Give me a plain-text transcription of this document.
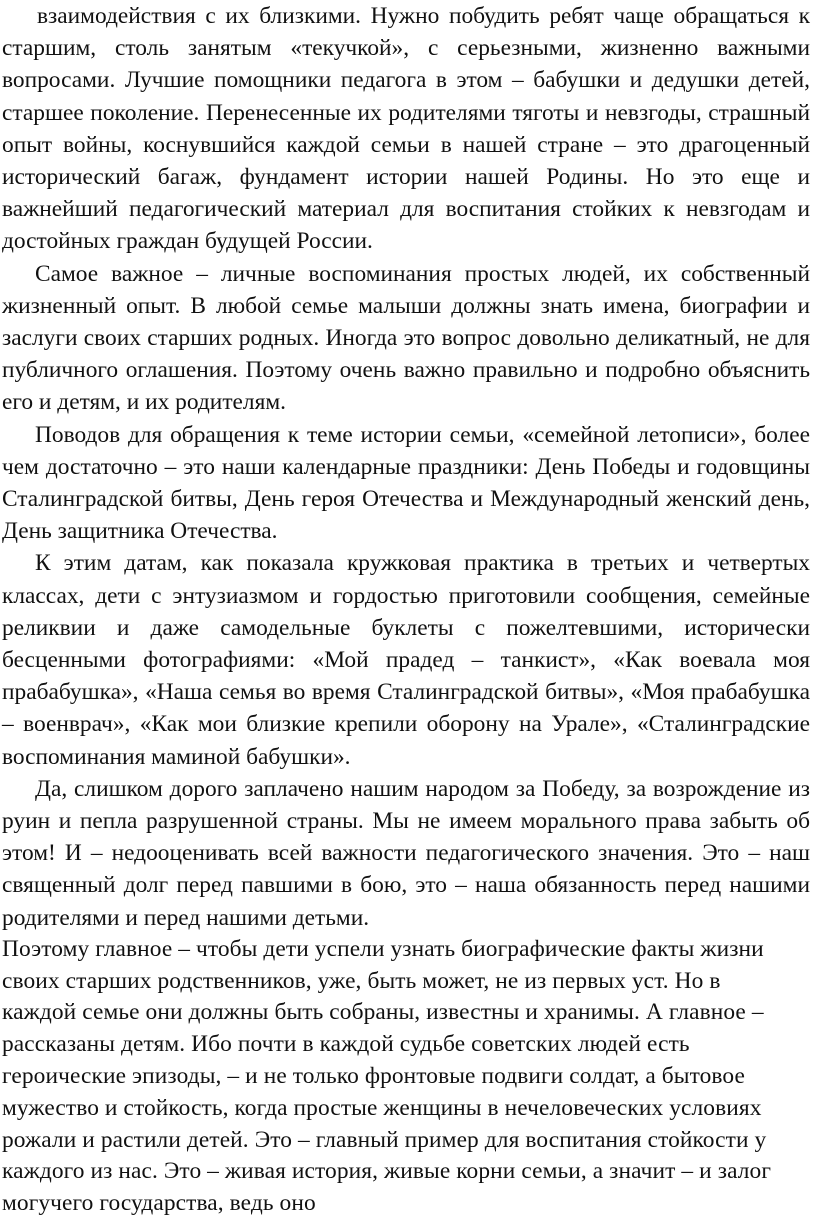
взаимодействия с их близкими. Нужно побудить ребят чаще обращаться к старшим, столь занятым «текучкой», с серьезными, жизненно важными вопросами. Лучшие помощники педагога в этом – бабушки и дедушки детей, старшее поколение. Перенесенные их родителями тяготы и невзгоды, страшный опыт войны, коснувшийся каждой семьи в нашей стране – это драгоценный исторический багаж, фундамент истории нашей Родины. Но это еще и важнейший педагогический материал для воспитания стойких к невзгодам и достойных граждан будущей России.

Самое важное – личные воспоминания простых людей, их собственный жизненный опыт. В любой семье малыши должны знать имена, биографии и заслуги своих старших родных. Иногда это вопрос довольно деликатный, не для публичного оглашения. Поэтому очень важно правильно и подробно объяснить его и детям, и их родителям.

Поводов для обращения к теме истории семьи, «семейной летописи», более чем достаточно – это наши календарные праздники: День Победы и годовщины Сталинградской битвы, День героя Отечества и Международный женский день, День защитника Отечества.

К этим датам, как показала кружковая практика в третьих и четвертых классах, дети с энтузиазмом и гордостью приготовили сообщения, семейные реликвии и даже самодельные буклеты с пожелтевшими, исторически бесценными фотографиями: «Мой прадед – танкист», «Как воевала моя прабабушка», «Наша семья во время Сталинградской битвы», «Моя прабабушка – военврач», «Как мои близкие крепили оборону на Урале», «Сталинградские воспоминания маминой бабушки».

Да, слишком дорого заплачено нашим народом за Победу, за возрождение из руин и пепла разрушенной страны. Мы не имеем морального права забыть об этом! И – недооценивать всей важности педагогического значения. Это – наш священный долг перед павшими в бою, это – наша обязанность перед нашими родителями и перед нашими детьми.

Поэтому главное – чтобы дети успели узнать биографические факты жизни
своих старших родственников, уже, быть может, не из первых уст. Но в
каждой семье они должны быть собраны, известны и хранимы. А главное –
рассказаны детям. Ибо почти в каждой судьбе советских людей есть
героические эпизоды, – и не только фронтовые подвиги солдат, а бытовое
мужество и стойкость, когда простые женщины в нечеловеческих условиях
рожали и растили детей. Это – главный пример для воспитания стойкости у
каждого из нас. Это – живая история, живые корни семьи, а значит – и залог
могучего государства, ведь оно
